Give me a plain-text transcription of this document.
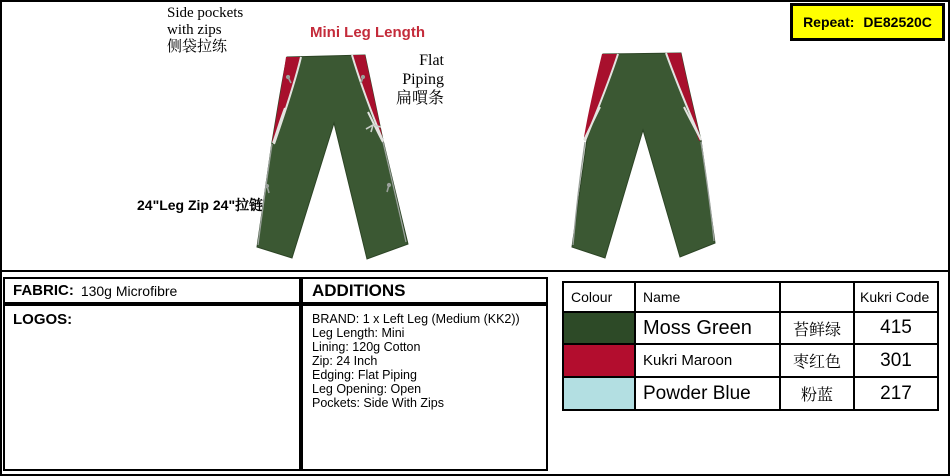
Side pockets
with zips
侧袋拉练
Mini Leg Length
Flat Piping
扁嘪条
24"Leg Zip 24"拉链
Repeat: DE82520C
FABRIC: 130g Microfibre
LOGOS:
ADDITIONS
BRAND: 1 x Left Leg (Medium (KK2))
Leg Length: Mini
Lining: 120g Cotton
Zip: 24 Inch
Edging: Flat Piping
Leg Opening: Open
Pockets: Side With Zips
Colour	Name		Kukri Code

	Moss Green	苔鲜绿	415

	Kukri Maroon	枣红色	301

	Powder Blue	粉蓝	217
